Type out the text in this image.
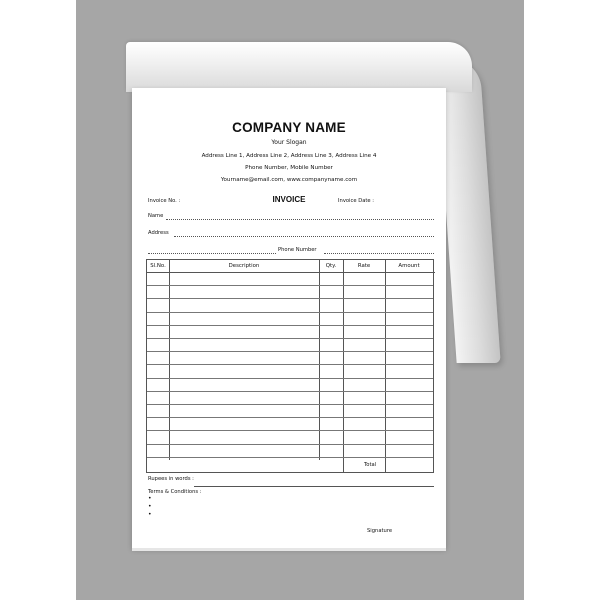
COMPANY NAME
Your Slogan
Address Line 1, Address Line 2, Address Line 3, Address Line 4
Phone Number, Mobile Number
Yourname@email.com, www.companyname.com
Invoice No. :	INVOICE	Invoice Date :
Name
Address
Phone Number
Sl.No.	Description	Qty.	Rate	Amount
Total
Rupees in words :
Terms & Conditions :
•
•
•
Signature
